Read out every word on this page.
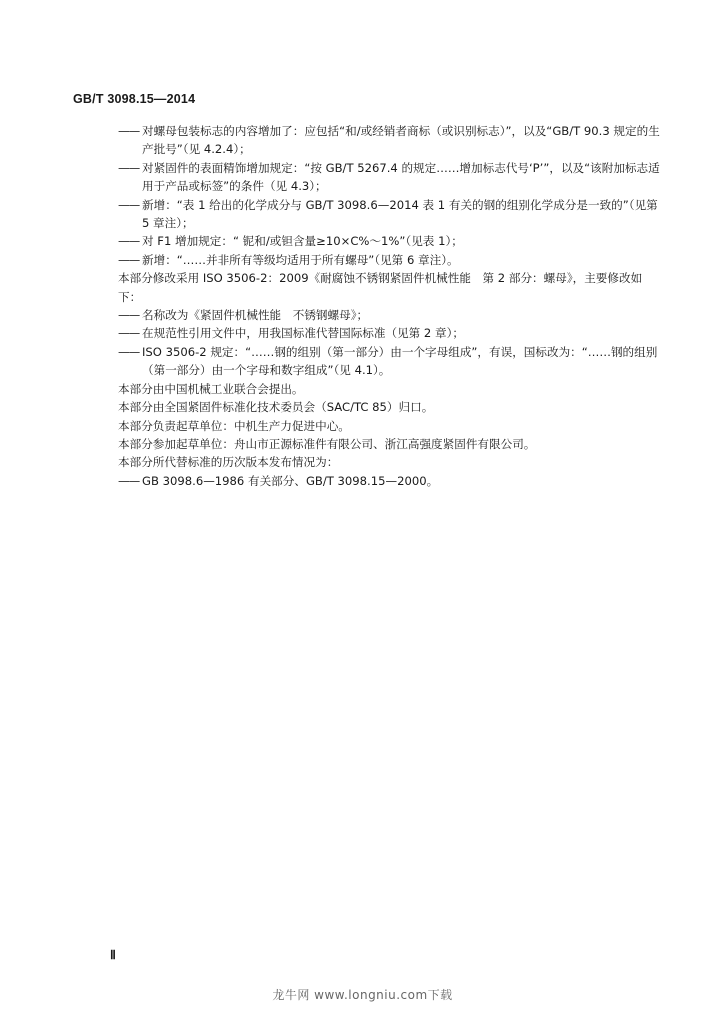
GB/T 3098.15—2014
—— 对螺母包装标志的内容增加了：应包括“和/或经销者商标（或识别标志）”，以及“GB/T 90.3 规定的生产批号”（见 4.2.4）；
—— 对紧固件的表面精饰增加规定：“按 GB/T 5267.4 的规定……增加标志代号‘P’”，以及“该附加标志适用于产品或标签”的条件（见 4.3）；
—— 新增：“表 1 给出的化学成分与 GB/T 3098.6—2014 表 1 有关的钢的组别化学成分是一致的”（见第 5 章注）；
—— 对 F1 增加规定：“ 铌和/或钽含量≥10×C%～1%”（见表 1）；
—— 新增：“……并非所有等级均适用于所有螺母”（见第 6 章注）。

本部分修改采用 ISO 3506-2：2009《耐腐蚀不锈钢紧固件机械性能　第 2 部分：螺母》，主要修改如下：

—— 名称改为《紧固件机械性能　不锈钢螺母》；
—— 在规范性引用文件中，用我国标准代替国际标准（见第 2 章）；
—— ISO 3506-2 规定：“……钢的组别（第一部分）由一个字母组成”，有误，国标改为：“……钢的组别（第一部分）由一个字母和数字组成”（见 4.1）。

本部分由中国机械工业联合会提出。

本部分由全国紧固件标准化技术委员会（SAC/TC 85）归口。

本部分负责起草单位：中机生产力促进中心。

本部分参加起草单位：舟山市正源标准件有限公司、浙江高强度紧固件有限公司。

本部分所代替标准的历次版本发布情况为：

—— GB 3098.6—1986 有关部分、GB/T 3098.15—2000。
Ⅱ
龙牛网 www.longniu.com下载
